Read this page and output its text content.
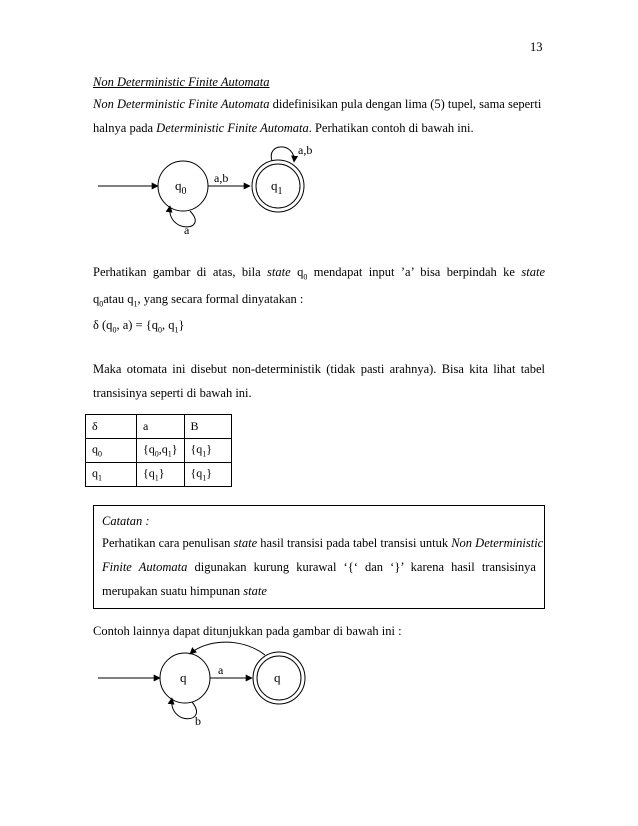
13
Non Deterministic Finite Automata
Non Deterministic Finite Automata didefinisikan pula dengan lima (5) tupel, sama seperti
halnya pada Deterministic Finite Automata. Perhatikan contoh di bawah ini.
$q_0$
a,b	$q_1$
a,b
a
Perhatikan gambar di atas, bila state $q_0$ mendapat input ’a’ bisa berpindah ke state
$q_0atau$ $q_1$, yang secara formal dinyatakan :
δ ($q_0$, $a) = \{q_0$, $q_1$}
Maka otomata ini disebut non-deterministik (tidak pasti arahnya). Bisa kita lihat tabel
transisinya seperti di bawah ini.
δ	a	B
$q_0$	$\{q_0,q_1\}$	$\{q_1\}$
$q_1$	$\{q_1\}$	$\{q_1\}$
Catatan :
Perhatikan cara penulisan state hasil transisi pada tabel transisi untuk Non Deterministic
Finite Automata digunakan kurung kurawal ‘{‘ dan ‘}’ karena hasil transisinya
merupakan suatu himpunan state
Contoh lainnya dapat ditunjukkan pada gambar di bawah ini :
q	a	q
b
